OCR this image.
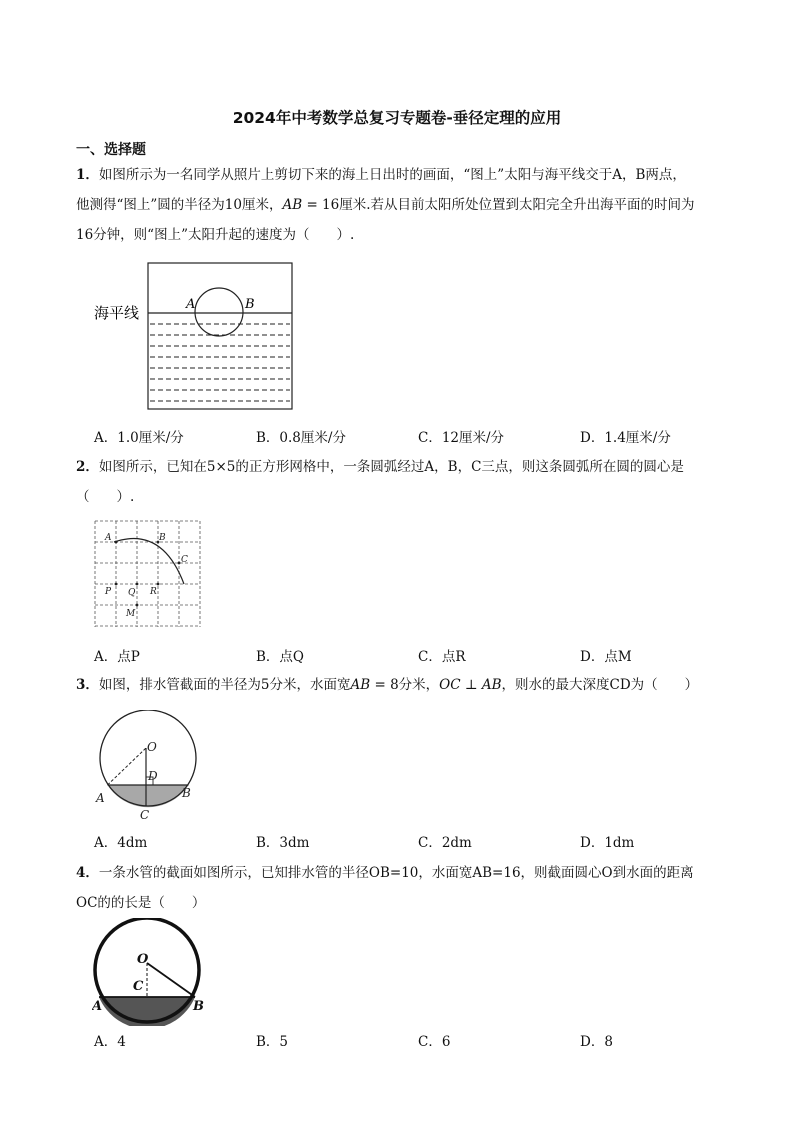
2024年中考数学总复习专题卷-垂径定理的应用
一、选择题
1．如图所示为一名同学从照片上剪切下来的海上日出时的画面，“图上”太阳与海平线交于A，B两点，
他测得“图上”圆的半径为10厘米，AB = 16厘米.若从目前太阳所处位置到太阳完全升出海平面的时间为
16分钟，则“图上”太阳升起的速度为（　　）.
海平线	A	B
A．1.0厘米/分	B．0.8厘米/分	C．12厘米/分	D．1.4厘米/分
2．如图所示，已知在5×5的正方形网格中，一条圆弧经过A，B，C三点，则这条圆弧所在圆的圆心是
（　　）.
A	B
C
P Q R
M
A．点P	B．点Q	C．点R	D．点M
3．如图，排水管截面的半径为5分米，水面宽AB = 8分米，OC ⊥ AB，则水的最大深度CD为（　　）
O
D
A	B
C
A．4dm	B．3dm	C．2dm	D．1dm
4．一条水管的截面如图所示，已知排水管的半径OB=10，水面宽AB=16，则截面圆心O到水面的距离
OC的的长是（　　）
O
C
A	B
A．4	B．5	C．6	D．8
